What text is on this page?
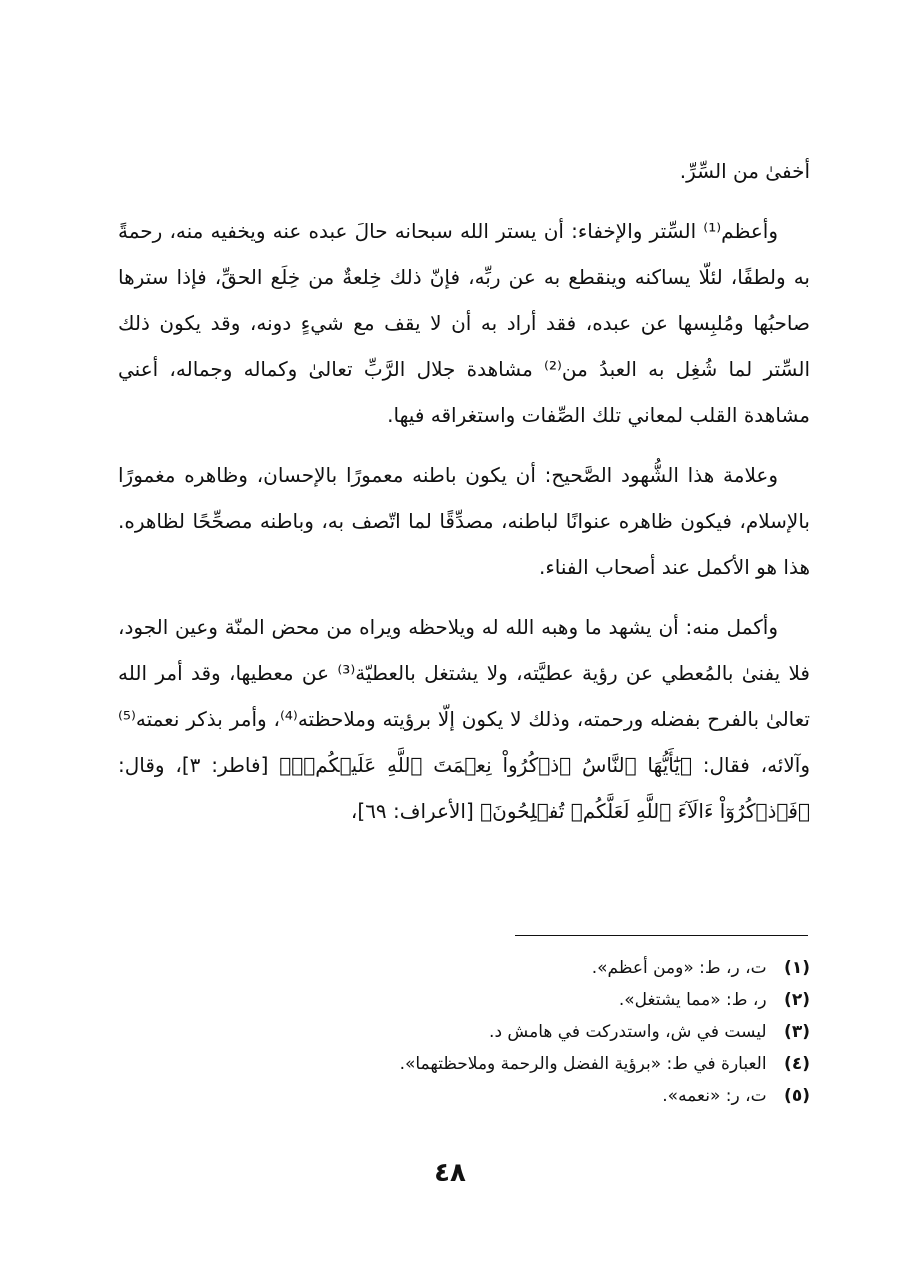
أخفىٰ من السِّرِّ.

وأعظم⁽¹⁾ السِّتر والإخفاء: أن يستر الله سبحانه حالَ عبده عنه ويخفيه منه، رحمةً به ولطفًا، لئلّا يساكنه وينقطع به عن ربِّه، فإنّ ذلك خِلعةٌ من خِلَع الحقِّ، فإذا سترها صاحبُها ومُلبِسها عن عبده، فقد أراد به أن لا يقف مع شيءٍ دونه، وقد يكون ذلك السِّتر لما شُغِل به العبدُ من⁽²⁾ مشاهدة جلال الرَّبِّ تعالىٰ وكماله وجماله، أعني مشاهدة القلب لمعاني تلك الصِّفات واستغراقه فيها.

وعلامة هذا الشُّهود الصَّحيح: أن يكون باطنه معمورًا بالإحسان، وظاهره مغمورًا بالإسلام، فيكون ظاهره عنوانًا لباطنه، مصدِّقًا لما اتّصف به، وباطنه مصحِّحًا لظاهره. هذا هو الأكمل عند أصحاب الفناء.

وأكمل منه: أن يشهد ما وهبه الله له ويلاحظه ويراه من محض المنّة وعين الجود، فلا يفنىٰ بالمُعطي عن رؤية عطيَّته، ولا يشتغل بالعطيّة⁽³⁾ عن معطيها، وقد أمر الله تعالىٰ بالفرح بفضله ورحمته، وذلك لا يكون إلّا برؤيته وملاحظته⁽⁴⁾، وأمر بذكر نعمته⁽⁵⁾ وآلائه، فقال: ﴿يَٰٓأَيُّهَا ٱلنَّاسُ ٱذۡكُرُواْ نِعۡمَتَ ٱللَّهِ عَلَيۡكُمۡۚ﴾ [فاطر: ٣]، وقال: ﴿فَٱذۡكُرُوٓاْ ءَالَآءَ ٱللَّهِ لَعَلَّكُمۡ تُفۡلِحُونَ﴾ [الأعراف: ٦٩]،

(١) ت، ر، ط: «ومن أعظم».
(٢) ر، ط: «مما يشتغل».
(٣) ليست في ش، واستدركت في هامش د.
(٤) العبارة في ط: «برؤية الفضل والرحمة وملاحظتهما».
(٥) ت، ر: «نعمه».
٤٨
